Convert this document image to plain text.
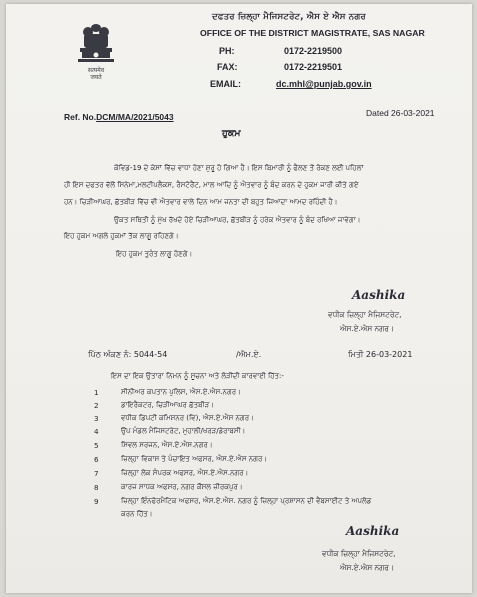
सत्यमेव
जयते
ਦਫਤਰ ਜ਼ਿਲ੍ਹਾ ਮੈਜਿਸਟਰੇਟ, ਐਸ ਏ ਐਸ ਨਗਰ
OFFICE OF THE DISTRICT MAGISTRATE, SAS NAGAR
PH:	0172-2219500
FAX:	0172-2219501
EMAIL:	dc.mhl@punjab.gov.in
Ref. No.DCM/MA/2021/5043	Dated 26-03-2021
ਹੁਕਮ
ਕੋਵਿਡ-19 ਦੇ ਕੇਸਾਂ ਵਿੱਚ ਵਾਧਾ ਹੋਣਾ ਸ਼ੁਰੂ ਹੋ ਗਿਆ ਹੈ। ਇਸ ਬਿਮਾਰੀ ਨੂੰ ਫੈਲਣ ਤੋਂ ਰੋਕਣ ਲਈ ਪਹਿਲਾਂ
ਹੀ ਇਸ ਦਫਤਰ ਵੱਲੋਂ ਸਿਨੇਮਾ,ਮਲਟੀਪਲੈਕਸ, ਰੈਸਟੋਰੈਂਟ, ਮਾਲ ਆਦਿ ਨੂੰ ਐਤਵਾਰ ਨੂੰ ਬੰਦ ਕਰਨ ਦੇ ਹੁਕਮ ਜਾਰੀ ਕੀਤੇ ਗਏ
ਹਨ। ਚਿੜੀਆਘਰ, ਛੱਤਬੀੜ ਵਿੱਚ ਵੀ ਐਤਵਾਰ ਵਾਲੇ ਦਿਨ ਆਮ ਜਨਤਾ ਦੀ ਬਹੁਤ ਜਿਆਦਾ ਆਮਦ ਰਹਿੰਦੀ ਹੈ।
ਉਕਤ ਸਥਿਤੀ ਨੂੰ ਮੁੱਖ ਰੱਖਦੇ ਹੋਏ ਚਿੜੀਆਘਰ, ਛੱਤਬੀੜ ਨੂੰ ਹਰੇਕ ਐਤਵਾਰ ਨੂੰ ਬੰਦ ਰਖਿਆ ਜਾਵੇਗਾ।
ਇਹ ਹੁਕਮ ਅਗਲੇ ਹੁਕਮਾਂ ਤੱਕ ਲਾਗੂ ਰਹਿਣਗੇ।
ਇਹ ਹੁਕਮ ਤੁਰੰਤ ਲਾਗੂ ਹੋਣਗੇ।
Aashika
ਵਧੀਕ ਜ਼ਿਲ੍ਹਾ ਮੈਜਿਸਟਰੇਟ,
ਐਸ.ਏ.ਐਸ ਨਗਰ।
ਪਿੱਠ ਅੰਕਣ ਨੰ: 5044-54	/ਐਮ.ਏ.	ਮਿਤੀ 26-03-2021
ਇਸ ਦਾ ਇਕ ਉਤਾਰਾ ਨਿਮਨ ਨੂੰ ਸੂਚਨਾ ਅਤੇ ਲੋੜੀਂਦੀ ਕਾਰਵਾਈ ਹਿੱਤ:-
1	ਸੀਨੀਅਰ ਕਪਤਾਨ ਪੁਲਿਸ, ਐਸ.ਏ.ਐਸ.ਨਗਰ।
2	ਡਾਇਰੈਕਟਰ, ਚਿੜੀਆਘਰ ਛੱਤਬੀੜ।
3	ਵਧੀਕ ਡਿਪਟੀ ਕਮਿਸ਼ਨਰ (ਵਿ), ਐਸ.ਏ.ਐਸ ਨਗਰ।
4	ਉਪ ਮੰਡਲ ਮੈਜਿਸਟਰੇਟ, ਮੁਹਾਲੀ/ਖਰੜ/ਡੇਰਾਬਸੀ।
5	ਸਿਵਲ ਸਰਜਨ, ਐਸ.ਏ.ਐਸ.ਨਗਰ।
6	ਜ਼ਿਲ੍ਹਾ ਵਿਕਾਸ ਤੇ ਪੰਚਾਇਤ ਅਫਸਰ, ਐਸ.ਏ.ਐਸ ਨਗਰ।
7	ਜ਼ਿਲ੍ਹਾ ਲੋਕ ਸੰਪਰਕ ਅਫਸਰ, ਐਸ.ਏ.ਐਸ.ਨਗਰ।
8	ਕਾਰਜ ਸਾਧਕ ਅਫਸਰ, ਨਗਰ ਕੌਂਸਲ ਜ਼ੀਰਕਪੁਰ।
9	ਜ਼ਿਲ੍ਹਾ ਇੰਨਫੋਰਮੈਟਿਕ ਅਫਸਰ, ਐਸ.ਏ.ਐਸ. ਨਗਰ ਨੂੰ ਜ਼ਿਲ੍ਹਾ ਪ੍ਰਸ਼ਾਸਨ ਦੀ ਵੈਬਸਾਈਟ ਤੇ ਅਪਲੋਡ
ਕਰਨ ਹਿੱਤ।
Aashika
ਵਧੀਕ ਜ਼ਿਲ੍ਹਾ ਮੈਜਿਸਟਰੇਟ,
ਐਸ.ਏ.ਐਸ ਨਗਰ।
